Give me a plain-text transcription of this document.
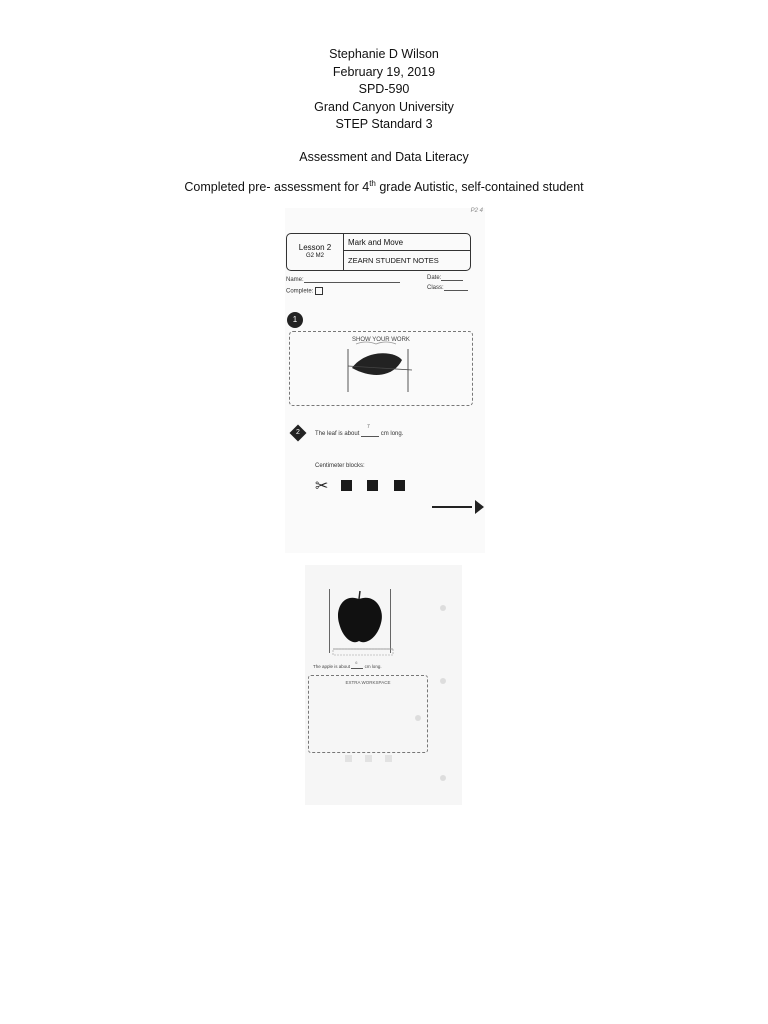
Stephanie D Wilson
February 19, 2019
SPD-590
Grand Canyon University
STEP Standard 3
Assessment and Data Literacy
Completed pre- assessment for 4th grade Autistic, self-contained student
P2 4
Lesson 2
G2 M2
Mark and Move
ZEARN STUDENT NOTES
Name:	Date:
Complete:
Class:
1
SHOW YOUR WORK
2	The leaf is about
7
cm long.
Centimeter blocks:
✂
The apple is about
6
cm long.
EXTRA WORKSPACE
